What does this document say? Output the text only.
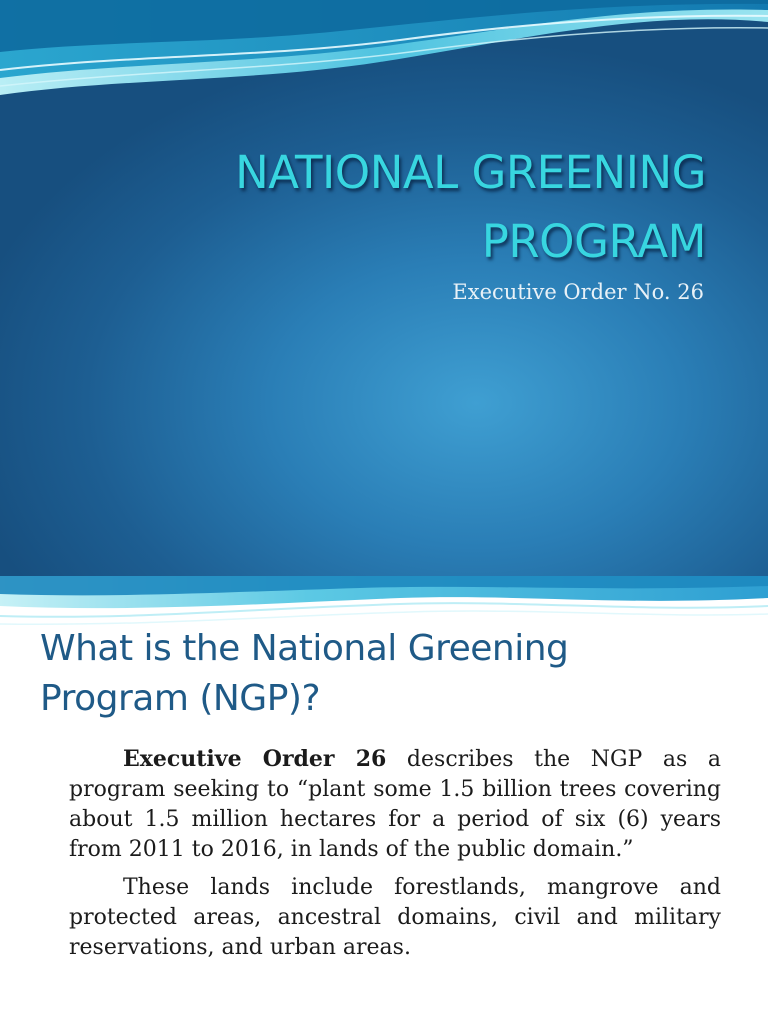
NATIONAL GREENING
PROGRAM
Executive Order No. 26
What is the National Greening
Program (NGP)?

Executive Order 26 describes the NGP as a program seeking to “plant some 1.5 billion trees covering about 1.5 million hectares for a period of six (6) years from 2011 to 2016, in lands of the public domain.”

These lands include forestlands, mangrove and protected areas, ancestral domains, civil and military reservations, and urban areas.
